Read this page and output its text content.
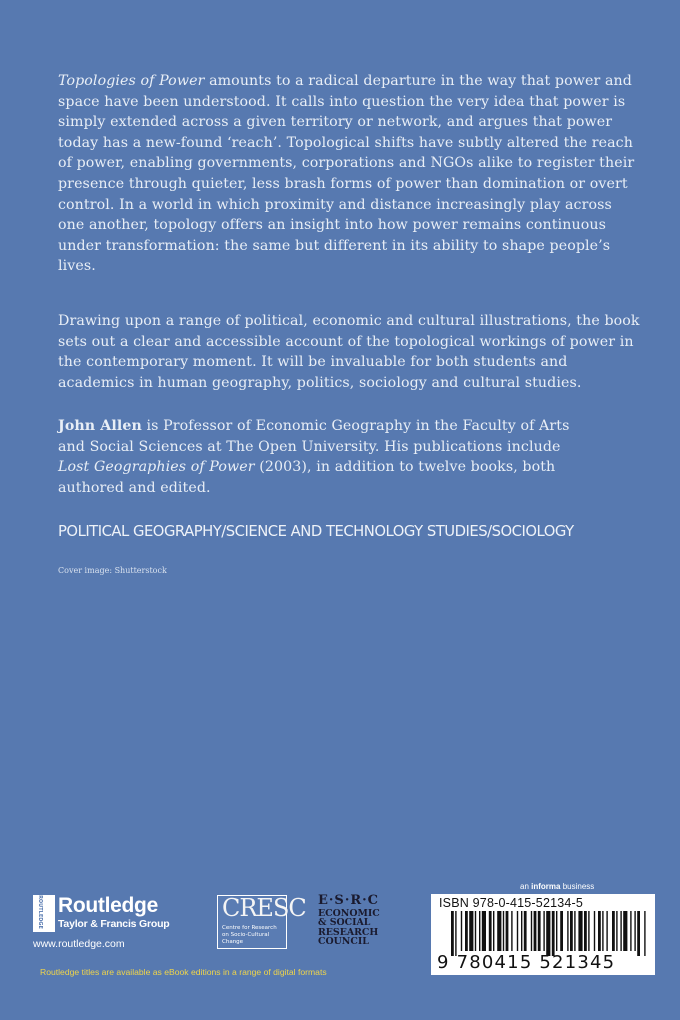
Topologies of Power amounts to a radical departure in the way that power and space have been understood. It calls into question the very idea that power is simply extended across a given territory or network, and argues that power today has a new-found ‘reach’. Topological shifts have subtly altered the reach of power, enabling governments, corporations and NGOs alike to register their presence through quieter, less brash forms of power than domination or overt control. In a world in which proximity and distance increasingly play across one another, topology offers an insight into how power remains continuous under transformation: the same but different in its ability to shape people’s lives.

Drawing upon a range of political, economic and cultural illustrations, the book sets out a clear and accessible account of the topological workings of power in the contemporary moment. It will be invaluable for both students and academics in human geography, politics, sociology and cultural studies.

John Allen is Professor of Economic Geography in the Faculty of Arts
and Social Sciences at The Open University. His publications include
Lost Geographies of Power (2003), in addition to twelve books, both
authored and edited.

POLITICAL GEOGRAPHY/SCIENCE AND TECHNOLOGY STUDIES/SOCIOLOGY
Cover image: Shutterstock
ROUTLEDGE Routledge
Taylor & Francis Group
www.routledge.com
CRESC
Centre for Research on Socio-Cultural Change
E·S·R·C
ECONOMIC
& SOCIAL
RESEARCH
COUNCIL
an informa business
ISBN 978-0-415-52134-5
9 780415 521345
Routledge titles are available as eBook editions in a range of digital formats
